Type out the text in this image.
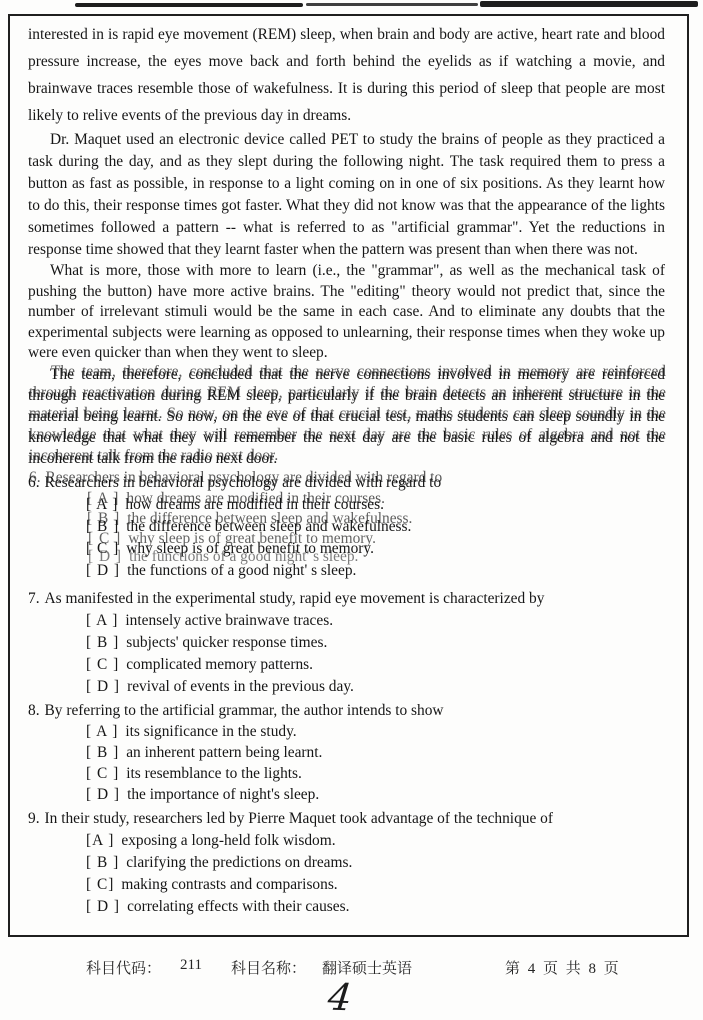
interested in is rapid eye movement (REM) sleep, when brain and body are active, heart rate and blood pressure increase, the eyes move back and forth behind the eyelids as if watching a movie, and brainwave traces resemble those of wakefulness. It is during this period of sleep that people are most likely to relive events of the previous day in dreams.

Dr. Maquet used an electronic device called PET to study the brains of people as they practiced a task during the day, and as they slept during the following night. The task required them to press a button as fast as possible, in response to a light coming on in one of six positions. As they learnt how to do this, their response times got faster. What they did not know was that the appearance of the lights sometimes followed a pattern -- what is referred to as "artificial grammar". Yet the reductions in response time showed that they learnt faster when the pattern was present than when there was not.

What is more, those with more to learn (i.e., the "grammar", as well as the mechanical task of pushing the button) have more active brains. The "editing" theory would not predict that, since the number of irrelevant stimuli would be the same in each case. And to eliminate any doubts that the experimental subjects were learning as opposed to unlearning, their response times when they woke up were even quicker than when they went to sleep.

The team, therefore, concluded that the nerve connections involved in memory are reinforced through reactivation during REM sleep, particularly if the brain detects an inherent structure in the material being learnt. So now, on the eve of that crucial test, maths students can sleep soundly in the knowledge that what they will remember the next day are the basic rules of algebra and not the incoherent talk from the radio next door.

6. Researchers in behavioral psychology are divided with regard to
[ A ] how dreams are modified in their courses.
[ B ] the difference between sleep and wakefulness.
[ C ] why sleep is of great benefit to memory.
[ D ] the functions of a good night' s sleep.
7. As manifested in the experimental study, rapid eye movement is characterized by
[ A ] intensely active brainwave traces.
[ B ] subjects' quicker response times.
[ C ] complicated memory patterns.
[ D ] revival of events in the previous day.
8. By referring to the artificial grammar, the author intends to show
[ A ] its significance in the study.
[ B ] an inherent pattern being learnt.
[ C ] its resemblance to the lights.
[ D ] the importance of night's sleep.
9. In their study, researchers led by Pierre Maquet took advantage of the technique of
[A ] exposing a long-held folk wisdom.
[ B ] clarifying the predictions on dreams.
[ C] making contrasts and comparisons.
[ D ] correlating effects with their causes.
科目代码： 211 科目名称： 翻译硕士英语	第 4 页 共 8 页
4
